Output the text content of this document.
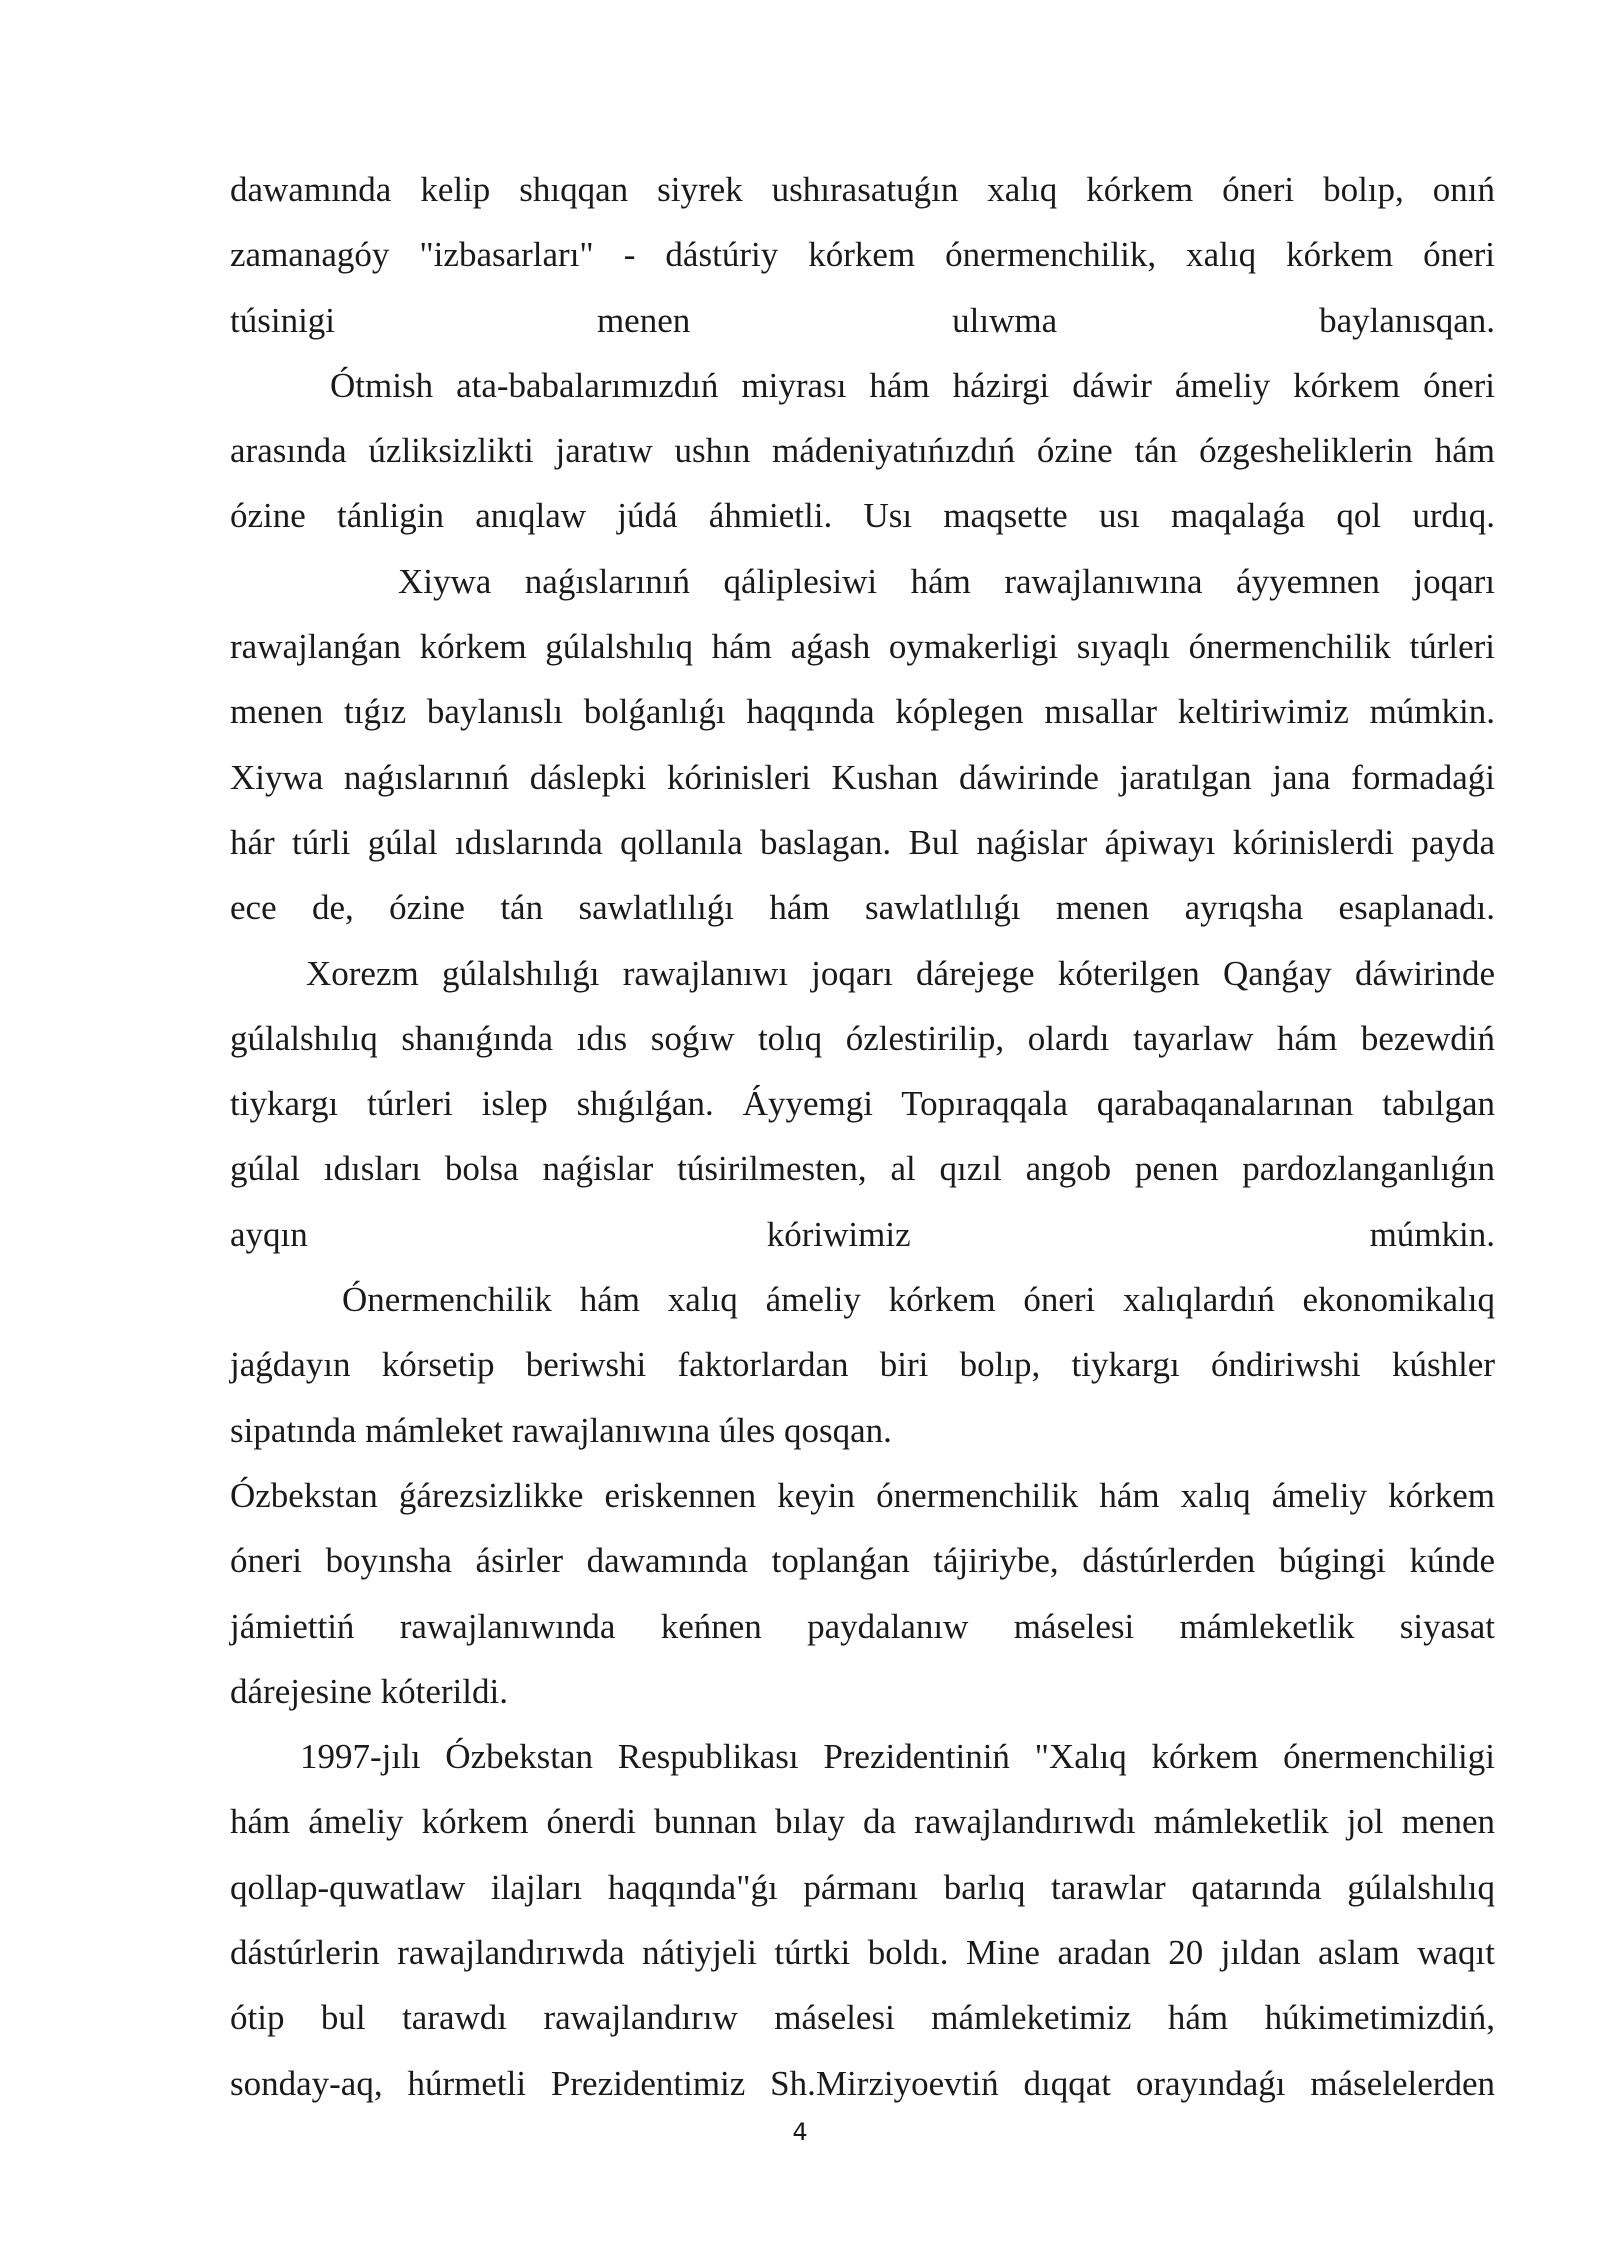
dawamında kelip shıqqan siyrek ushırasatuǵın xalıq kórkem óneri bolıp, onıń

zamanagóy "izbasarları" - dástúriy kórkem ónermenchilik, xalıq kórkem óneri

túsinigi menen ulıwma baylanısqan.

Ótmish ata-babalarımızdıń miyrası hám házirgi dáwir ámeliy kórkem óneri

arasında úzliksizlikti jaratıw ushın mádeniyatıńızdıń ózine tán ózgesheliklerin hám

ózine tánligin anıqlaw júdá áhmietli. Usı maqsette usı maqalaǵa qol urdıq.

Xiywa naǵıslarınıń qáliplesiwi hám rawajlanıwına áyyemnen joqarı

rawajlanǵan kórkem gúlalshılıq hám aǵash oymakerligi sıyaqlı ónermenchilik túrleri

menen tıǵız baylanıslı bolǵanlıǵı haqqında kóplegen mısallar keltiriwimiz múmkin.

Xiywa naǵıslarınıń dáslepki kórinisleri Kushan dáwirinde jaratılgan jana formadaǵi

hár túrli gúlal ıdıslarında qollanıla baslagan. Bul naǵislar ápiwayı kórinislerdi payda

ece de, ózine tán sawlatlılıǵı hám sawlatlılıǵı menen ayrıqsha esaplanadı.

Xorezm gúlalshılıǵı rawajlanıwı joqarı dárejege kóterilgen Qanǵay dáwirinde

gúlalshılıq shanıǵında ıdıs soǵıw tolıq ózlestirilip, olardı tayarlaw hám bezewdiń

tiykargı túrleri islep shıǵılǵan. Áyyemgi Topıraqqala qarabaqanalarınan tabılgan

gúlal ıdısları bolsa naǵislar túsirilmesten, al qızıl angob penen pardozlanganlıǵın

ayqın kóriwimiz múmkin.

Ónermenchilik hám xalıq ámeliy kórkem óneri xalıqlardıń ekonomikalıq

jaǵdayın kórsetip beriwshi faktorlardan biri bolıp, tiykargı óndiriwshi kúshler

sipatında mámleket rawajlanıwına úles qosqan.

Ózbekstan ǵárezsizlikke eriskennen keyin ónermenchilik hám xalıq ámeliy kórkem

óneri boyınsha ásirler dawamında toplanǵan tájiriybe, dástúrlerden búgingi kúnde

jámiettiń rawajlanıwında keńnen paydalanıw máselesi mámleketlik siyasat

dárejesine kóterildi.

1997-jılı Ózbekstan Respublikası Prezidentiniń "Xalıq kórkem ónermenchiligi

hám ámeliy kórkem ónerdi bunnan bılay da rawajlandırıwdı mámleketlik jol menen

qollap-quwatlaw ilajları haqqında"ǵı pármanı barlıq tarawlar qatarında gúlalshılıq

dástúrlerin rawajlandırıwda nátiyjeli túrtki boldı. Mine aradan 20 jıldan aslam waqıt

ótip bul tarawdı rawajlandırıw máselesi mámleketimiz hám húkimetimizdiń,

sonday-aq, húrmetli Prezidentimiz Sh.Mirziyoevtiń dıqqat orayındaǵı máselelerden

4
